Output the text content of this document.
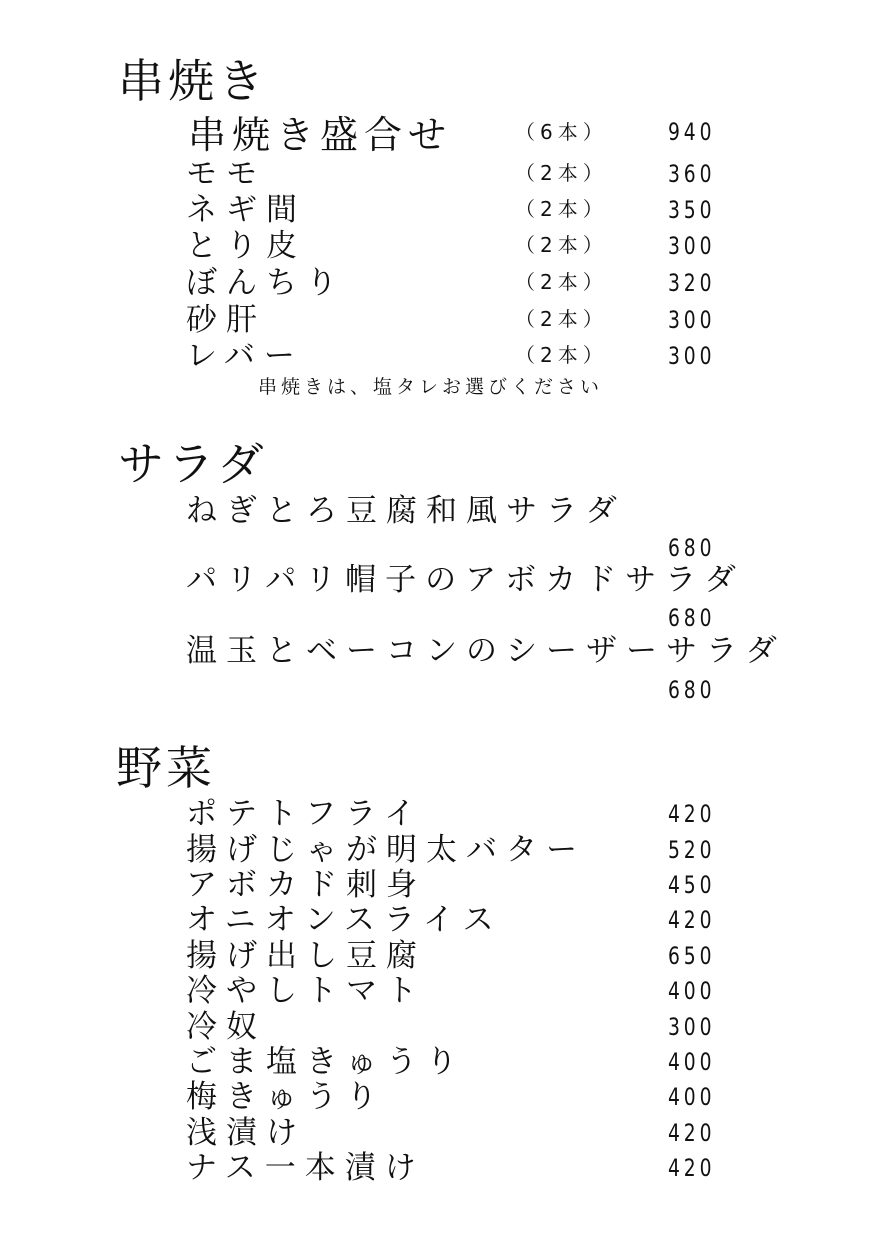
串焼き
串焼き盛合せ	（6本）	940
モモ	（2本）	360
ネギ間	（2本）	350
とり皮	（2本）	300
ぼんちり	（2本）	320
砂肝	（2本）	300
レバー	（2本）	300
串焼きは、塩タレお選びください
サラダ
ねぎとろ豆腐和風サラダ
680
パリパリ帽子のアボカドサラダ
680
温玉とベーコンのシーザーサラダ
680
野菜
ポテトフライ	420
揚げじゃが明太バター	520
アボカド刺身	450
オニオンスライス	420
揚げ出し豆腐	650
冷やしトマト	400
冷奴	300
ごま塩きゅうり	400
梅きゅうり	400
浅漬け	420
ナス一本漬け	420
